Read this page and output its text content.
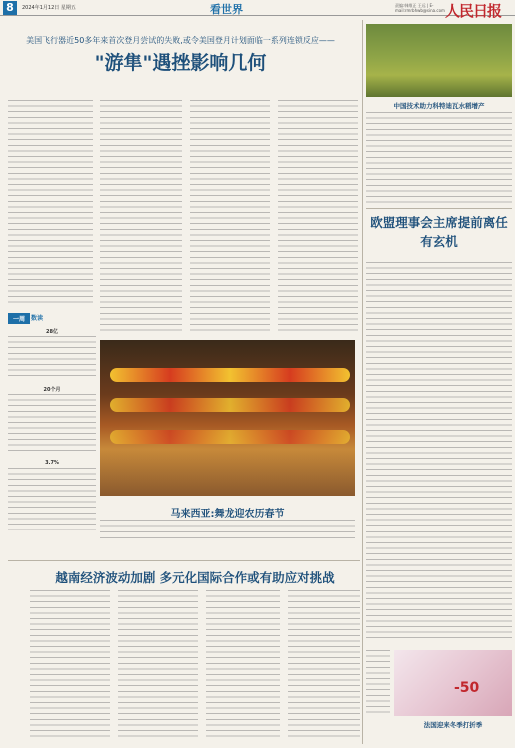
8	2024年1月12日 星期五	看世界	责编:韩维正 王远 | E-mail:rmrbhwb@sina.com 人民日报
美国飞行器近50多年来首次登月尝试的失败,或令美国登月计划面临一系列连锁反应——
"游隼"遇挫影响几何
一周	数读
28亿
20个月
3.7%
马来西亚:舞龙迎农历春节
越南经济波动加剧 多元化国际合作或有助应对挑战
中国技术助力科特迪瓦水稻增产
欧盟理事会主席提前离任有玄机
-50
法国迎来冬季打折季
